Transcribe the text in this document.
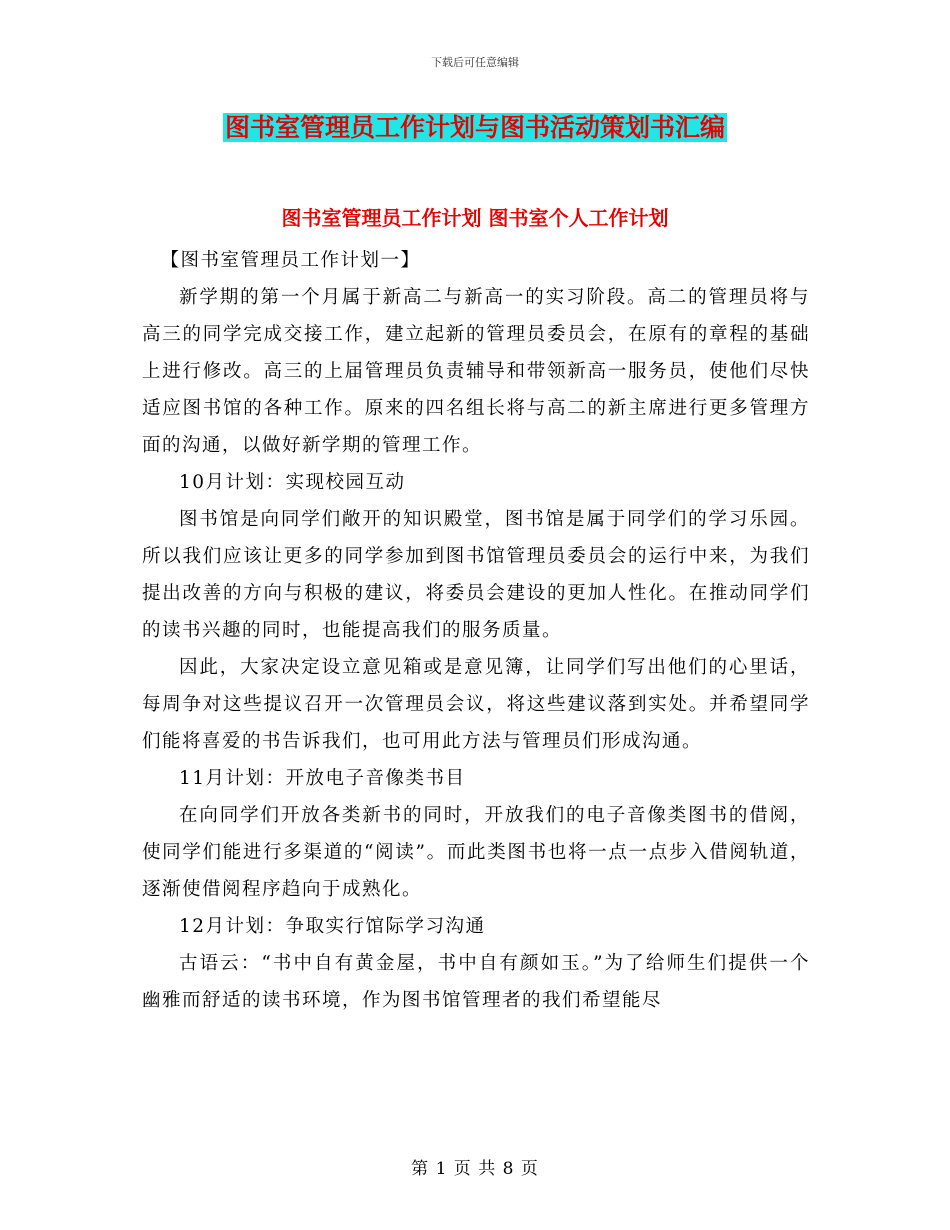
下载后可任意编辑
图书室管理员工作计划与图书活动策划书汇编
图书室管理员工作计划 图书室个人工作计划

【图书室管理员工作计划一】

新学期的第一个月属于新高二与新高一的实习阶段。高二的管理员将与高三的同学完成交接工作，建立起新的管理员委员会，在原有的章程的基础上进行修改。高三的上届管理员负责辅导和带领新高一服务员，使他们尽快适应图书馆的各种工作。原来的四名组长将与高二的新主席进行更多管理方面的沟通，以做好新学期的管理工作。

10月计划：实现校园互动

图书馆是向同学们敞开的知识殿堂，图书馆是属于同学们的学习乐园。所以我们应该让更多的同学参加到图书馆管理员委员会的运行中来，为我们提出改善的方向与积极的建议，将委员会建设的更加人性化。在推动同学们的读书兴趣的同时，也能提高我们的服务质量。

因此，大家决定设立意见箱或是意见簿，让同学们写出他们的心里话，每周争对这些提议召开一次管理员会议，将这些建议落到实处。并希望同学们能将喜爱的书告诉我们，也可用此方法与管理员们形成沟通。

11月计划：开放电子音像类书目

在向同学们开放各类新书的同时，开放我们的电子音像类图书的借阅，使同学们能进行多渠道的“阅读”。而此类图书也将一点一点步入借阅轨道，逐渐使借阅程序趋向于成熟化。

12月计划：争取实行馆际学习沟通

古语云：“书中自有黄金屋，书中自有颜如玉。”为了给师生们提供一个幽雅而舒适的读书环境，作为图书馆管理者的我们希望能尽

第 1 页 共 8 页
